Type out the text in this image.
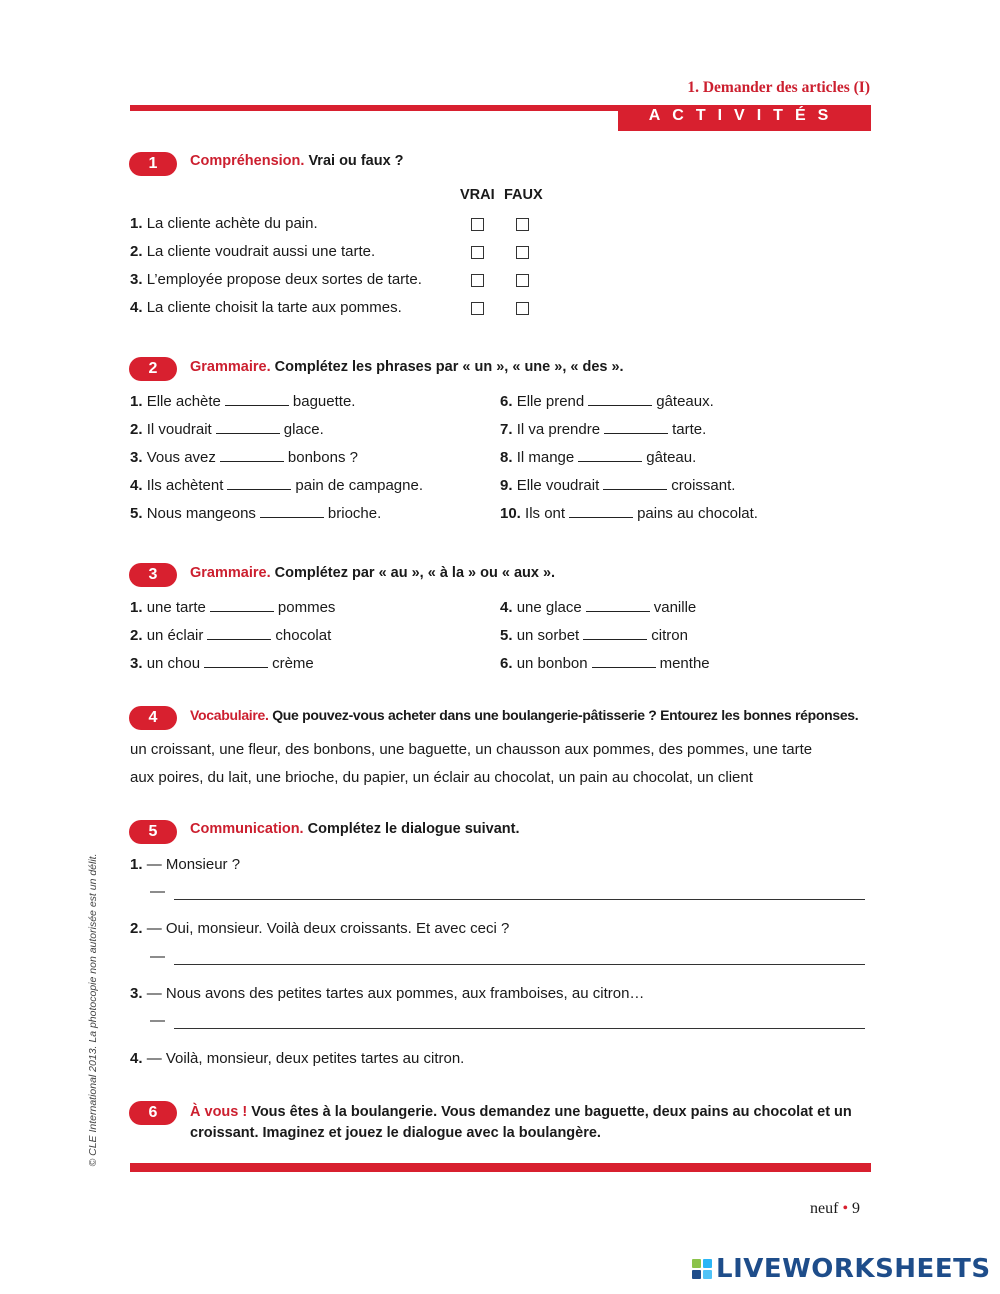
1. Demander des articles (I)
ACTIVITÉS
1	Compréhension. Vrai ou faux ?
VRAI FAUX
1. La cliente achète du pain.
2. La cliente voudrait aussi une tarte.
3. L’employée propose deux sortes de tarte.
4. La cliente choisit la tarte aux pommes.
2	Grammaire. Complétez les phrases par « un », « une », « des ».
1. Elle achète	baguette.
2. Il voudrait	glace.
3. Vous avez	bonbons ?
4. Ils achètent	pain de campagne.
5. Nous mangeons	brioche.
6. Elle prend	gâteaux.
7. Il va prendre	tarte.
8. Il mange	gâteau.
9. Elle voudrait	croissant.
10. Ils ont	pains au chocolat.
3	Grammaire. Complétez par « au », « à la » ou « aux ».
1. une tarte	pommes
2. un éclair	chocolat
3. un chou	crème
4. une glace	vanille
5. un sorbet	citron
6. un bonbon	menthe
4	Vocabulaire. Que pouvez-vous acheter dans une boulangerie-pâtisserie ? Entourez les bonnes réponses.
un croissant, une fleur, des bonbons, une baguette, un chausson aux pommes, des pommes, une tarte
aux poires, du lait, une brioche, du papier, un éclair au chocolat, un pain au chocolat, un client
5	Communication. Complétez le dialogue suivant.
1. — Monsieur ?
—
2. — Oui, monsieur. Voilà deux croissants. Et avec ceci ?
—
3. — Nous avons des petites tartes aux pommes, aux framboises, au citron…
—
4. — Voilà, monsieur, deux petites tartes au citron.
6	À vous ! Vous êtes à la boulangerie. Vous demandez une baguette, deux pains au chocolat et un
croissant. Imaginez et jouez le dialogue avec la boulangère.
neuf • 9
© CLE International 2013. La photocopie non autorisée est un délit.
LIVEWORKSHEETS
